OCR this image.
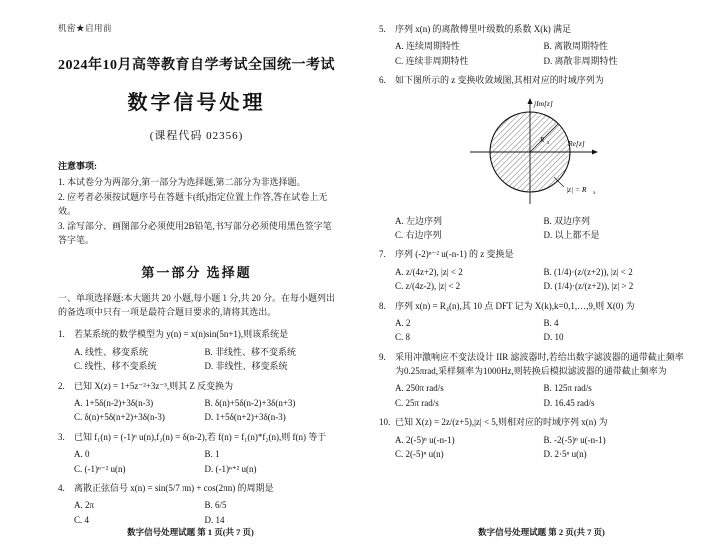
机密★启用前
2024年10月高等教育自学考试全国统一考试
数字信号处理
(课程代码 02356)
注意事项:
1. 本试卷分为两部分,第一部分为选择题,第二部分为非选择题。
2. 应考者必须按试题序号在答题卡(纸)指定位置上作答,答在试卷上无效。
3. 涂写部分、画图部分必须使用2B铅笔,书写部分必须使用黑色签字笔答字笔。
第一部分 选择题
一、单项选择题:本大题共 20 小题,每小题 1 分,共 20 分。在每小题列出的备选项中只有一项是最符合题目要求的,请将其选出。
1.	若某系统的数学模型为 y(n) = x(n)sin(5n+1),则该系统是
A. 线性、移变系统	B. 非线性、移不变系统
C. 线性、移不变系统	D. 非线性、移变系统
2.	已知 X(z) = 1+5z⁻²+3z⁻³,则其 Z 反变换为
A. 1+5δ(n-2)+3δ(n-3)	B. δ(n)+5δ(n-2)+3δ(n+3)
C. δ(n)+5δ(n+2)+3δ(n-3)	D. 1+5δ(n+2)+3δ(n-3)
3.	已知 f₁(n) = (-1)ⁿ u(n),f₂(n) = δ(n-2),若 f(n) = f₁(n)*f₂(n),则 f(n) 等于
A. 0	B. 1
C. (-1)ⁿ⁻² u(n)	D. (-1)ⁿ⁺² u(n)
4.	离散正弦信号 x(n) = sin(5/7 πn) + cos(2πn) 的周期是
A. 2π	B. 6/5
C. 4	D. 14
数字信号处理试题 第 1 页(共 7 页)
5.	序列 x(n) 的离散傅里叶级数的系数 X(k) 满足
A. 连续周期特性	B. 离散周期特性
C. 连续非周期特性	D. 离散非周期特性
6.	如下图所示的 z 变换收敛域图,其相对应的时域序列为
R x
jIm[z]
Re[z]
|z| = R x
A. 左边序列	B. 双边序列
C. 右边序列	D. 以上都不是
7.	序列 (-2)ⁿ⁻² u(-n-1) 的 z 变换是
A. z/(4z+2), |z| < 2	B. (1/4)·(z/(z+2)), |z| < 2
C. z/(4z-2), |z| < 2	D. (1/4)·(z/(z+2)), |z| > 2
8.	序列 x(n) = R₄(n),其 10 点 DFT 记为 X(k),k=0,1,…,9,则 X(0) 为
A. 2	B. 4
C. 8	D. 10
9.	采用冲激响应不变法设计 IIR 滤波器时,若给出数字滤波器的通带截止频率为0.25πrad,采样频率为1000Hz,则转换后模拟滤波器的通带截止频率为
A. 250π rad/s	B. 125π rad/s
C. 25π rad/s	D. 16.45 rad/s
10. 已知 X(z) = 2z/(z+5),|z| < 5,则相对应的时域序列 x(n) 为
A. 2(-5)ⁿ u(-n-1)	B. -2(-5)ⁿ u(-n-1)
C. 2(-5)ⁿ u(n)	D. 2·5ⁿ u(n)
数字信号处理试题 第 2 页(共 7 页)
